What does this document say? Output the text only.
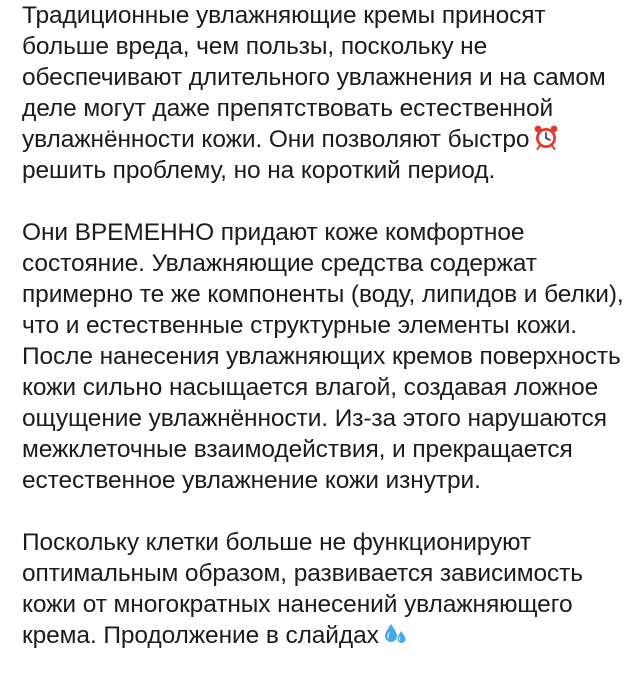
Традиционные увлажняющие кремы приносят
больше вреда, чем пользы, поскольку не
обеспечивают длительного увлажнения и на самом
деле могут даже препятствовать естественной
увлажнённости кожи. Они позволяют быстро
решить проблему, но на короткий период.
Они ВРЕМЕННО придают коже комфортное
состояние. Увлажняющие средства содержат
примерно те же компоненты (воду, липидов и белки),
что и естественные структурные элементы кожи.
После нанесения увлажняющих кремов поверхность
кожи сильно насыщается влагой, создавая ложное
ощущение увлажнённости. Из-за этого нарушаются
межклеточные взаимодействия, и прекращается
естественное увлажнение кожи изнутри.
Поскольку клетки больше не функционируют
оптимальным образом, развивается зависимость
кожи от многократных нанесений увлажняющего
крема. Продолжение в слайдах
